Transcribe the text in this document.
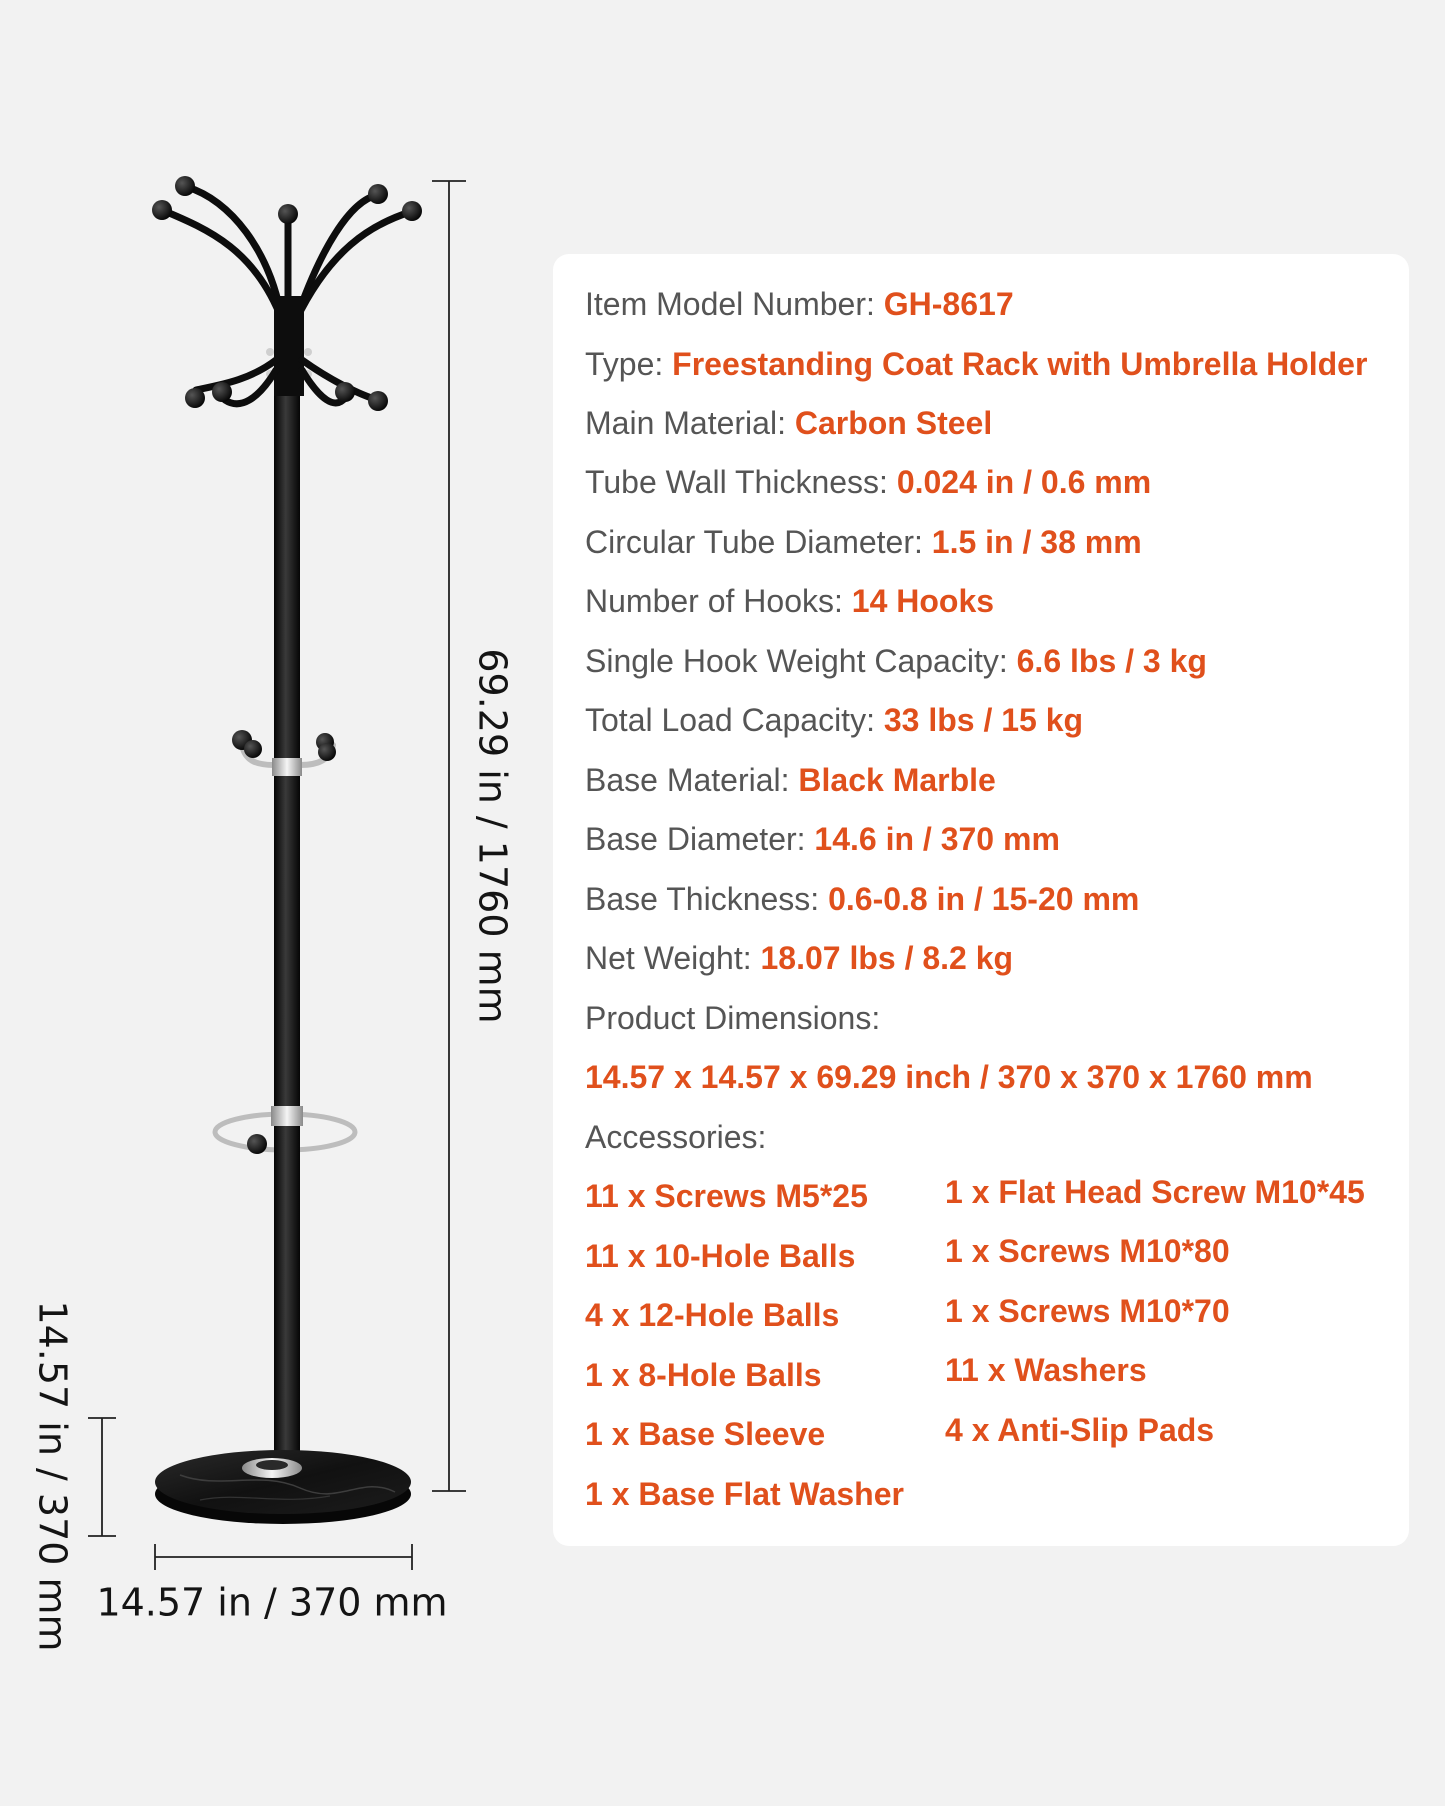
69.29 in / 1760 mm
14.57 in / 370 mm 14.57 in / 370 mm
Item Model Number: GH-8617
Type: Freestanding Coat Rack with Umbrella Holder
Main Material: Carbon Steel
Tube Wall Thickness: 0.024 in / 0.6 mm
Circular Tube Diameter: 1.5 in / 38 mm
Number of Hooks: 14 Hooks
Single Hook Weight Capacity: 6.6 lbs / 3 kg
Total Load Capacity: 33 lbs / 15 kg
Base Material: Black Marble
Base Diameter: 14.6 in / 370 mm
Base Thickness: 0.6-0.8 in / 15-20 mm
Net Weight: 18.07 lbs / 8.2 kg
Product Dimensions:
14.57 x 14.57 x 69.29 inch / 370 x 370 x 1760 mm
Accessories:
11 x Screws M5*25
11 x 10-Hole Balls
4 x 12-Hole Balls
1 x 8-Hole Balls
1 x Base Sleeve
1 x Base Flat Washer
1 x Flat Head Screw M10*45
1 x Screws M10*80
1 x Screws M10*70
11 x Washers
4 x Anti-Slip Pads
